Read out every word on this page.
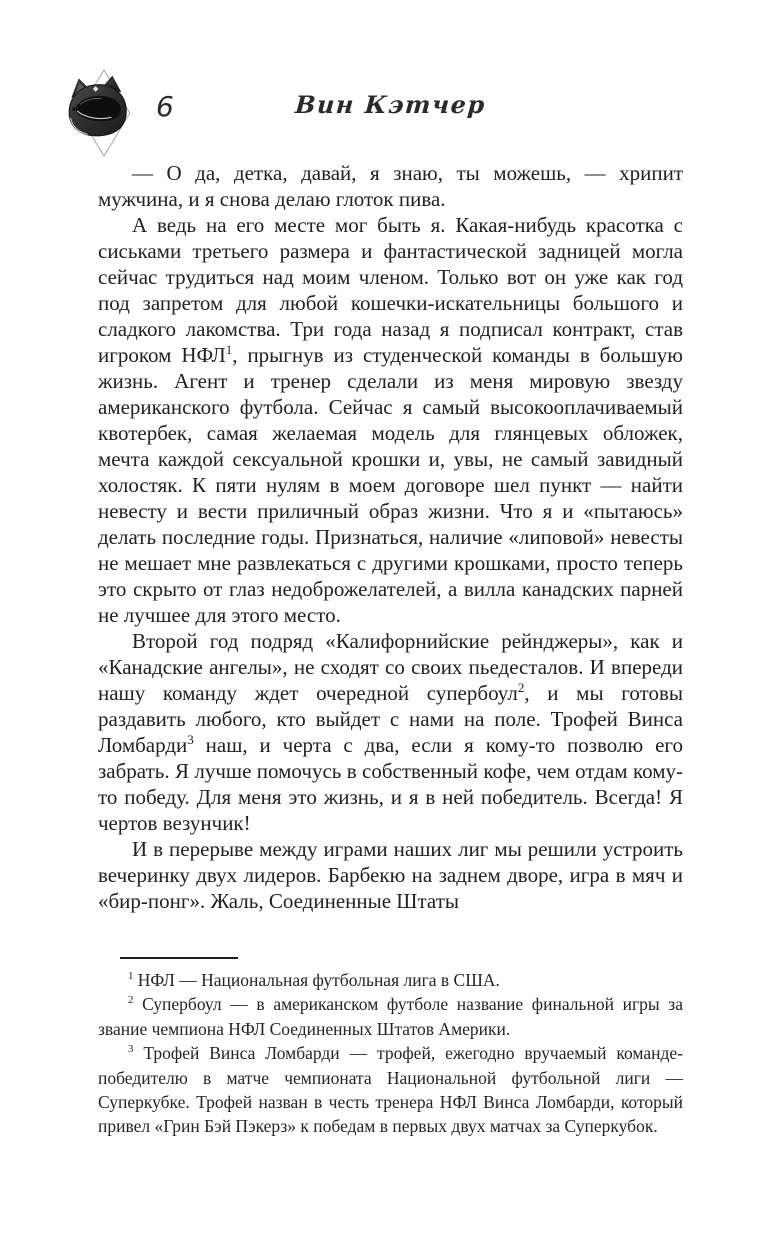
6	Вин Кэтчер

— О да, детка, давай, я знаю, ты можешь, — хрипит мужчина, и я снова делаю глоток пива.

А ведь на его месте мог быть я. Какая-нибудь красотка с сиськами третьего размера и фантастической задницей могла сейчас трудиться над моим членом. Только вот он уже как год под запретом для любой кошечки-искательницы большого и сладкого лакомства. Три года назад я подписал контракт, став игроком НФЛ$^1$, прыгнув из студенческой команды в большую жизнь. Агент и тренер сделали из меня мировую звезду американского футбола. Сейчас я самый высокооплачиваемый квотербек, самая желаемая модель для глянцевых обложек, мечта каждой сексуальной крошки и, увы, не самый завидный холостяк. К пяти нулям в моем договоре шел пункт — найти невесту и вести приличный образ жизни. Что я и «пытаюсь» делать последние годы. Признаться, наличие «липовой» невесты не мешает мне развлекаться с другими крошками, просто теперь это скрыто от глаз недоброжелателей, а вилла канадских парней не лучшее для этого место.

Второй год подряд «Калифорнийские рейнджеры», как и «Канадские ангелы», не сходят со своих пьедесталов. И впереди нашу команду ждет очередной супербоул$^2$, и мы готовы раздавить любого, кто выйдет с нами на поле. Трофей Винса Ломбарди$^3$ наш, и черта с два, если я кому-то позволю его забрать. Я лучше помочусь в собственный кофе, чем отдам кому-то победу. Для меня это жизнь, и я в ней победитель. Всегда! Я чертов везунчик!

И в перерыве между играми наших лиг мы решили устроить вечеринку двух лидеров. Барбекю на заднем дворе, игра в мяч и «бир-понг». Жаль, Соединенные Штаты

$^1$ НФЛ — Национальная футбольная лига в США.

$^2$ Супербоул — в американском футболе название финальной игры за звание чемпиона НФЛ Соединенных Штатов Америки.

$^3$ Трофей Винса Ломбарди — трофей, ежегодно вручаемый команде-победителю в матче чемпионата Национальной футбольной лиги — Суперкубке. Трофей назван в честь тренера НФЛ Винса Ломбарди, который привел «Грин Бэй Пэкерз» к победам в первых двух матчах за Суперкубок.
